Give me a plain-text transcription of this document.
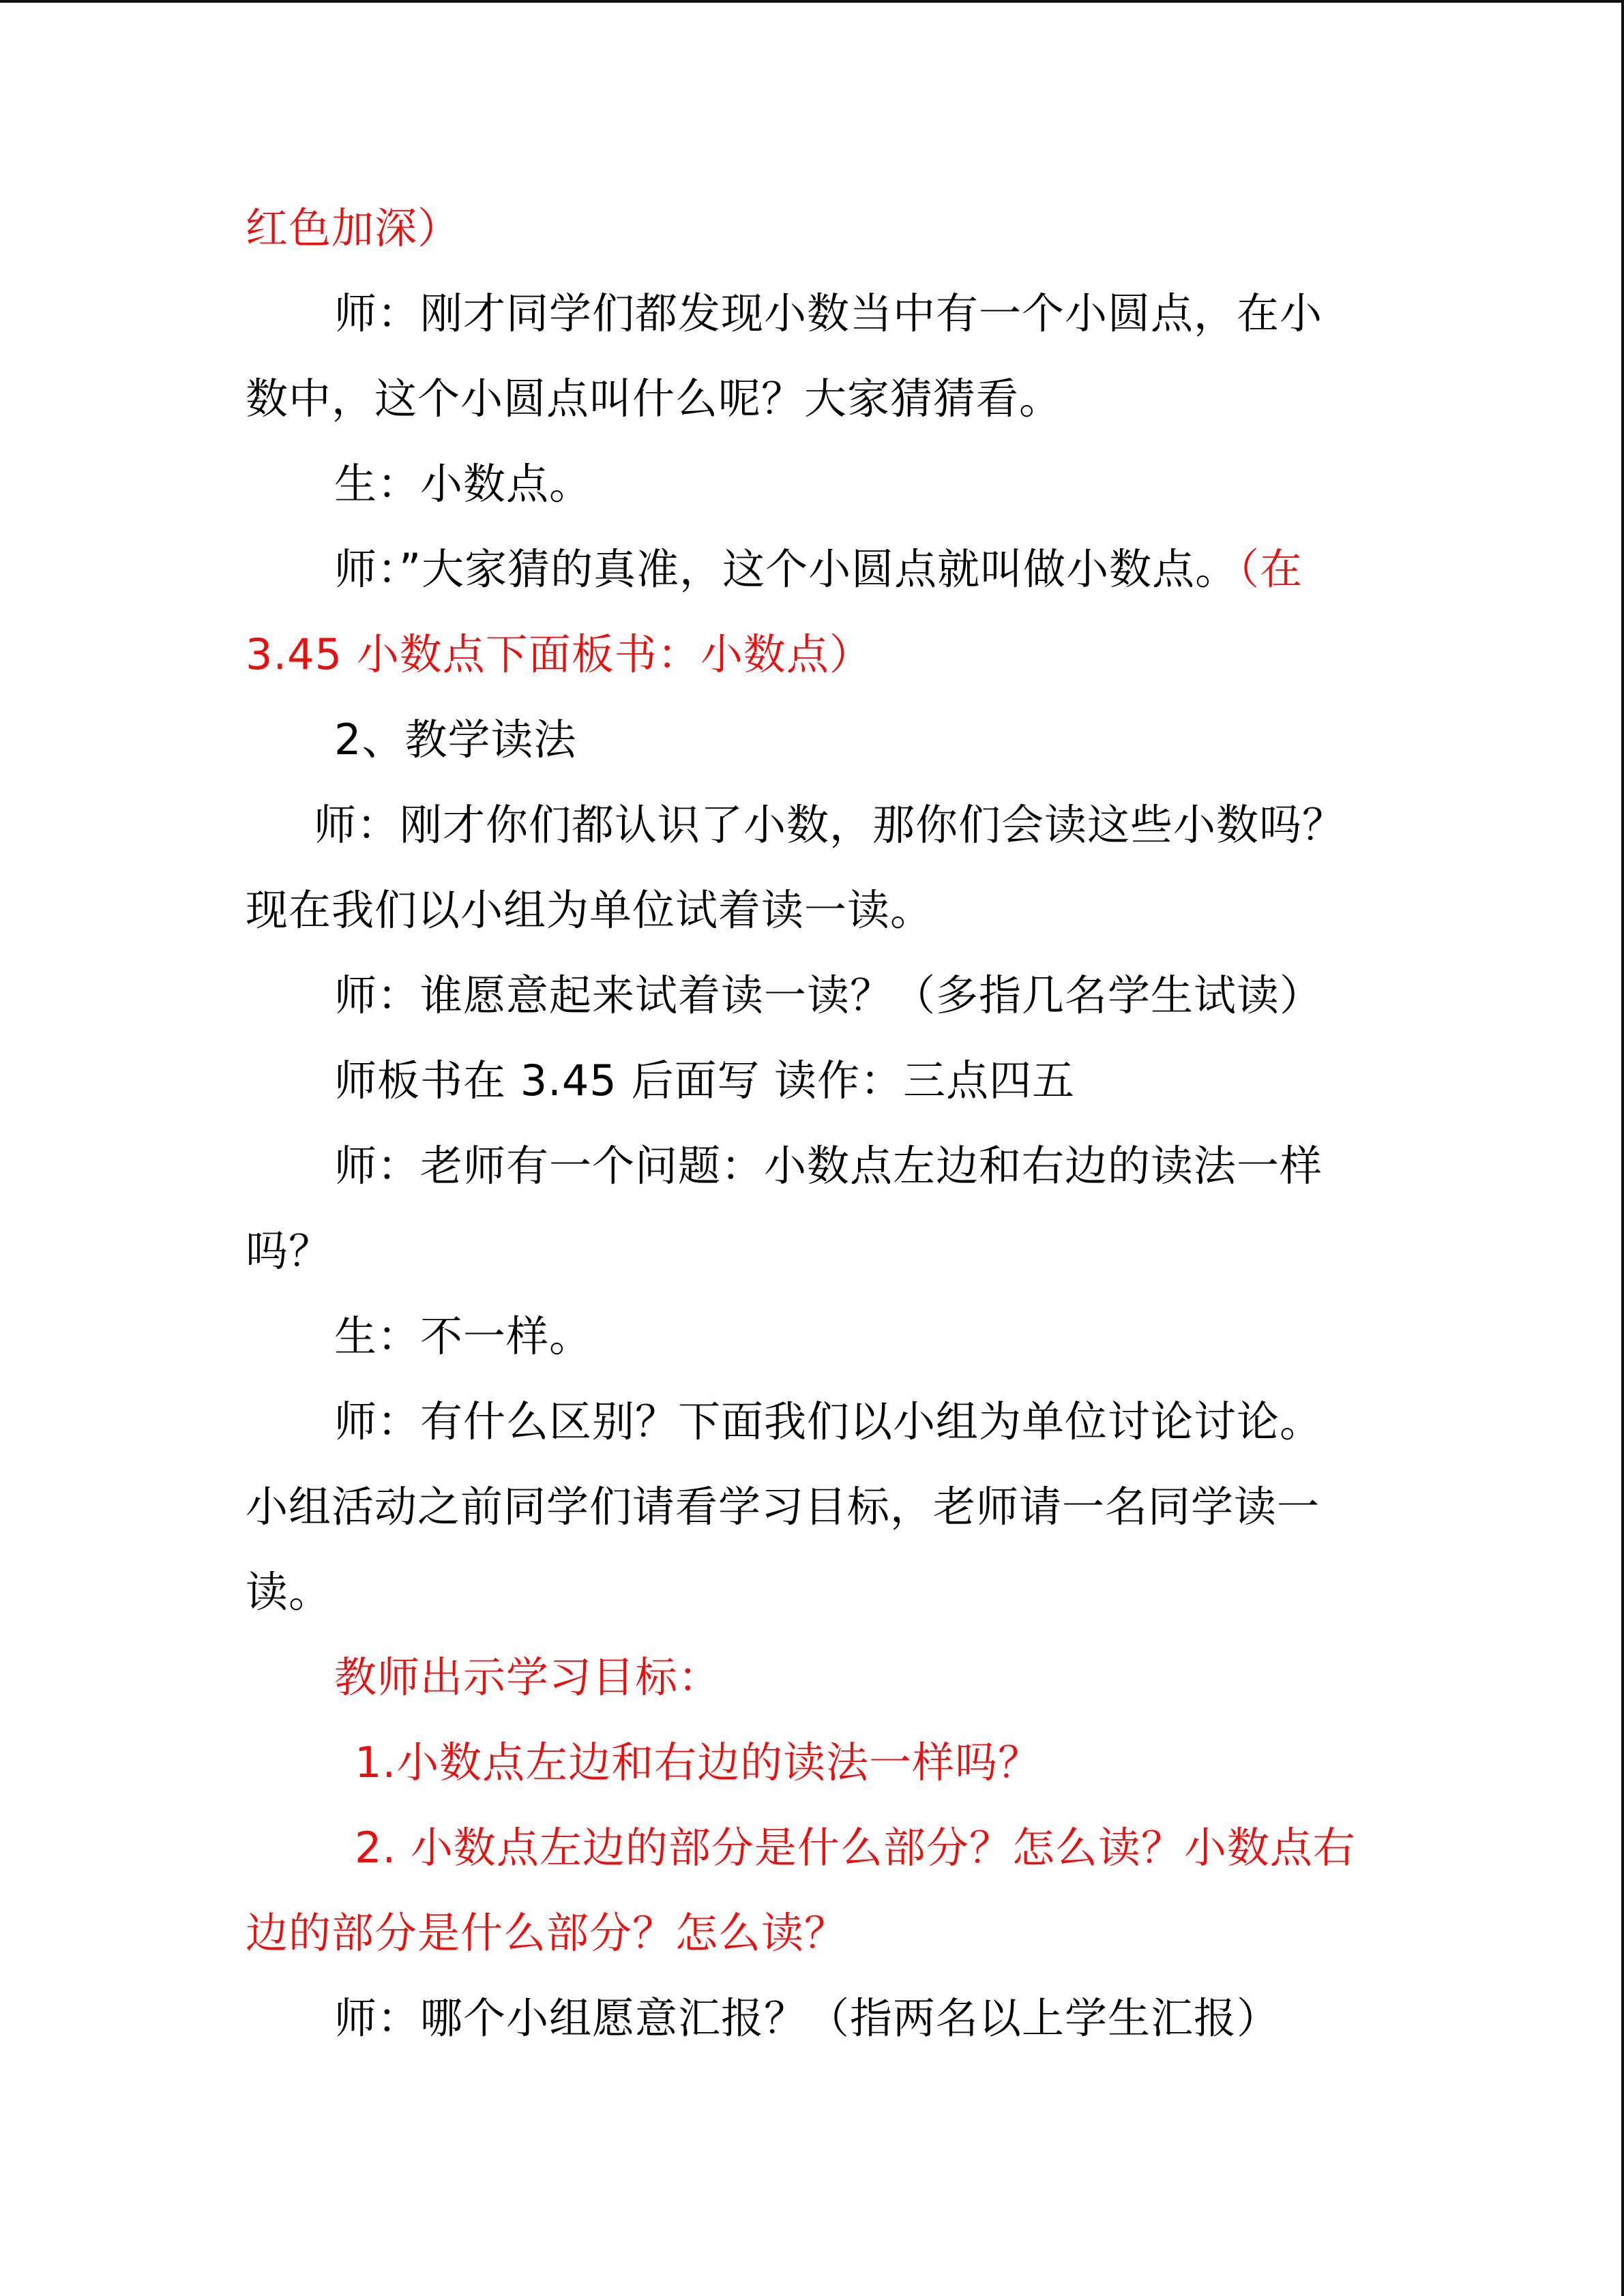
红色加深）
师：刚才同学们都发现小数当中有一个小圆点，在小
数中，这个小圆点叫什么呢？大家猜猜看。
生：小数点。
师：”大家猜的真准，这个小圆点就叫做小数点。（在
3.45 小数点下面板书：小数点）
2、教学读法
师：刚才你们都认识了小数，那你们会读这些小数吗？
现在我们以小组为单位试着读一读。
师：谁愿意起来试着读一读？（多指几名学生试读）
师板书在 3.45 后面写 读作：三点四五
师：老师有一个问题：小数点左边和右边的读法一样
吗？
生：不一样。
师：有什么区别？下面我们以小组为单位讨论讨论。
小组活动之前同学们请看学习目标，老师请一名同学读一
读。
教师出示学习目标：
1.小数点左边和右边的读法一样吗？
2. 小数点左边的部分是什么部分？怎么读？小数点右
边的部分是什么部分？怎么读？
师：哪个小组愿意汇报？（指两名以上学生汇报）
